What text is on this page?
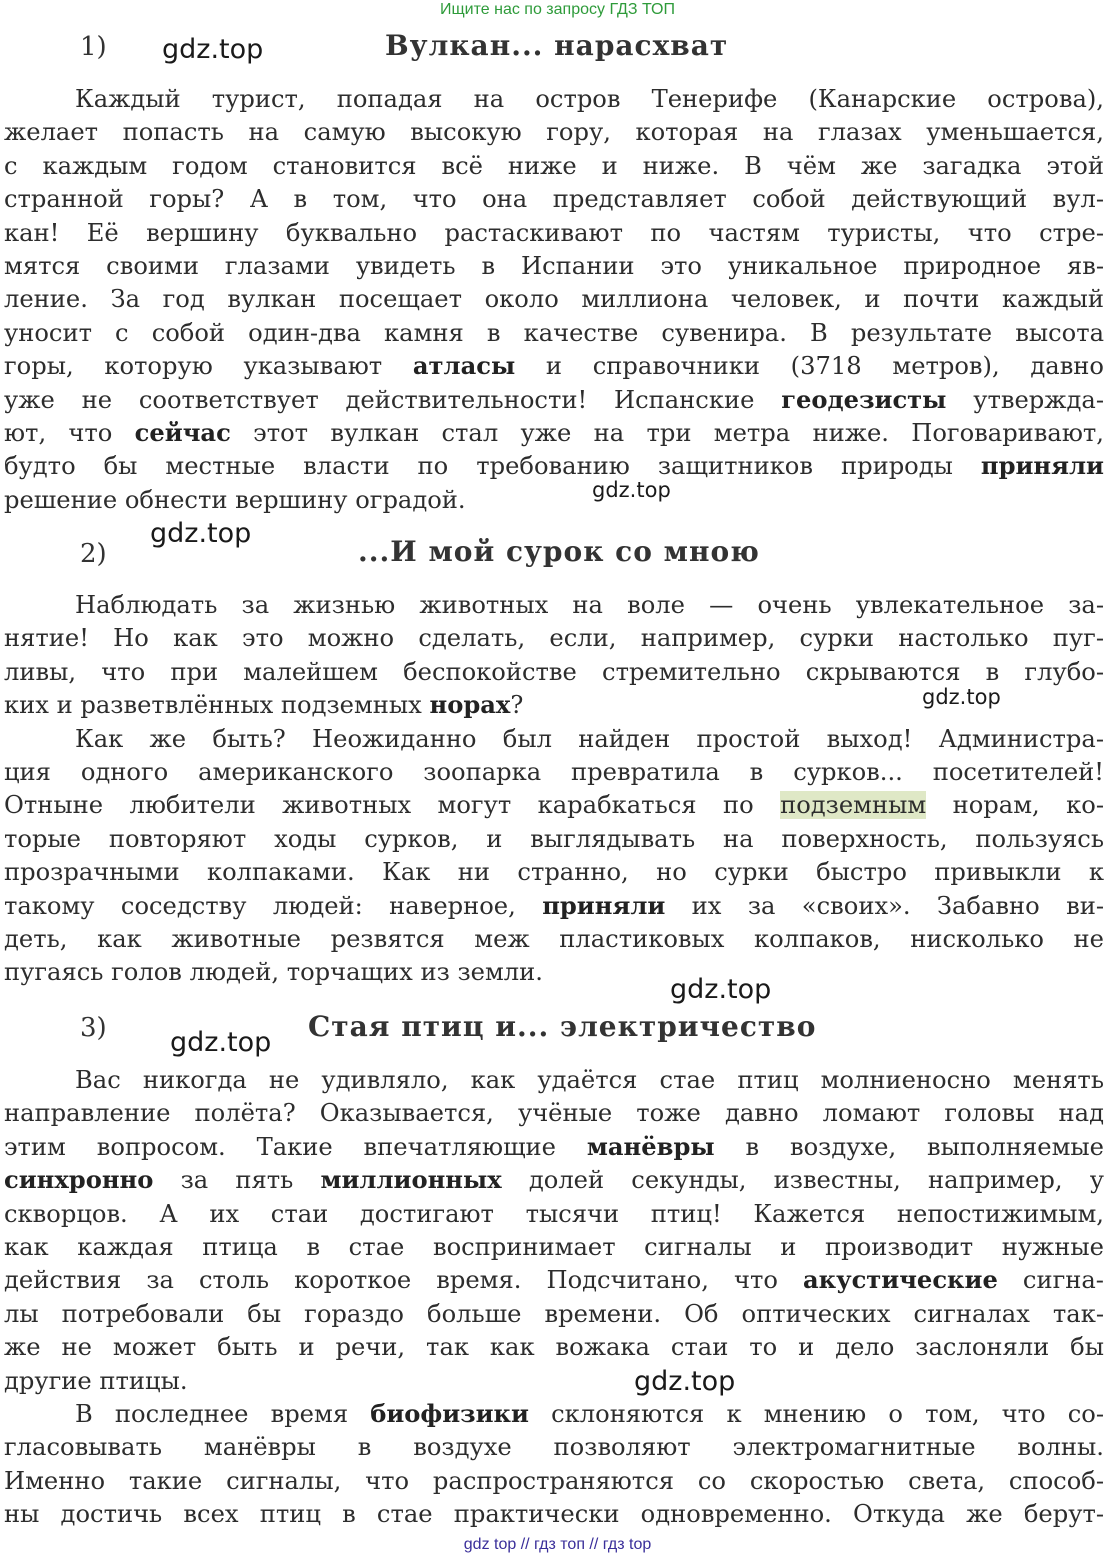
Ищите нас по запросу ГДЗ ТОП
1)	Вулкан... нарасхват
Каждый турист, попадая на остров Тенерифе (Канарские острова),
желает попасть на самую высокую гору, которая на глазах уменьшается,
с каждым годом становится всё ниже и ниже. В чём же загадка этой
странной горы? А в том, что она представляет собой действующий вул-
кан! Её вершину буквально растаскивают по частям туристы, что стре-
мятся своими глазами увидеть в Испании это уникальное природное яв-
ление. За год вулкан посещает около миллиона человек, и почти каждый
уносит с собой один-два камня в качестве сувенира. В результате высота
горы, которую указывают атласы и справочники (3718 метров), давно
уже не соответствует действительности! Испанские геодезисты утвержда-
ют, что сейчас этот вулкан стал уже на три метра ниже. Поговаривают,
будто бы местные власти по требованию защитников природы приняли
решение обнести вершину оградой.
2)	...И мой сурок со мною
Наблюдать за жизнью животных на воле — очень увлекательное за-
нятие! Но как это можно сделать, если, например, сурки настолько пуг-
ливы, что при малейшем беспокойстве стремительно скрываются в глубо-
ких и разветвлённых подземных норах?
Как же быть? Неожиданно был найден простой выход! Администра-
ция одного американского зоопарка превратила в сурков... посетителей!
Отныне любители животных могут карабкаться по подземным норам, ко-
торые повторяют ходы сурков, и выглядывать на поверхность, пользуясь
прозрачными колпаками. Как ни странно, но сурки быстро привыкли к
такому соседству людей: наверное, приняли их за «своих». Забавно ви-
деть, как животные резвятся меж пластиковых колпаков, нисколько не
пугаясь голов людей, торчащих из земли.
3)	Стая птиц и... электричество
Вас никогда не удивляло, как удаётся стае птиц молниеносно менять
направление полёта? Оказывается, учёные тоже давно ломают головы над
этим вопросом. Такие впечатляющие манёвры в воздухе, выполняемые
синхронно за пять миллионных долей секунды, известны, например, у
скворцов. А их стаи достигают тысячи птиц! Кажется непостижимым,
как каждая птица в стае воспринимает сигналы и производит нужные
действия за столь короткое время. Подсчитано, что акустические сигна-
лы потребовали бы гораздо больше времени. Об оптических сигналах так-
же не может быть и речи, так как вожака стаи то и дело заслоняли бы
другие птицы.
В последнее время биофизики склоняются к мнению о том, что со-
гласовывать манёвры в воздухе позволяют электромагнитные волны.
Именно такие сигналы, что распространяются со скоростью света, способ-
ны достичь всех птиц в стае практически одновременно. Откуда же берут-
gdz.top
gdz.top
gdz.top
gdz.top
gdz.top
gdz.top
gdz.top
gdz top // гдз топ // гдз top
